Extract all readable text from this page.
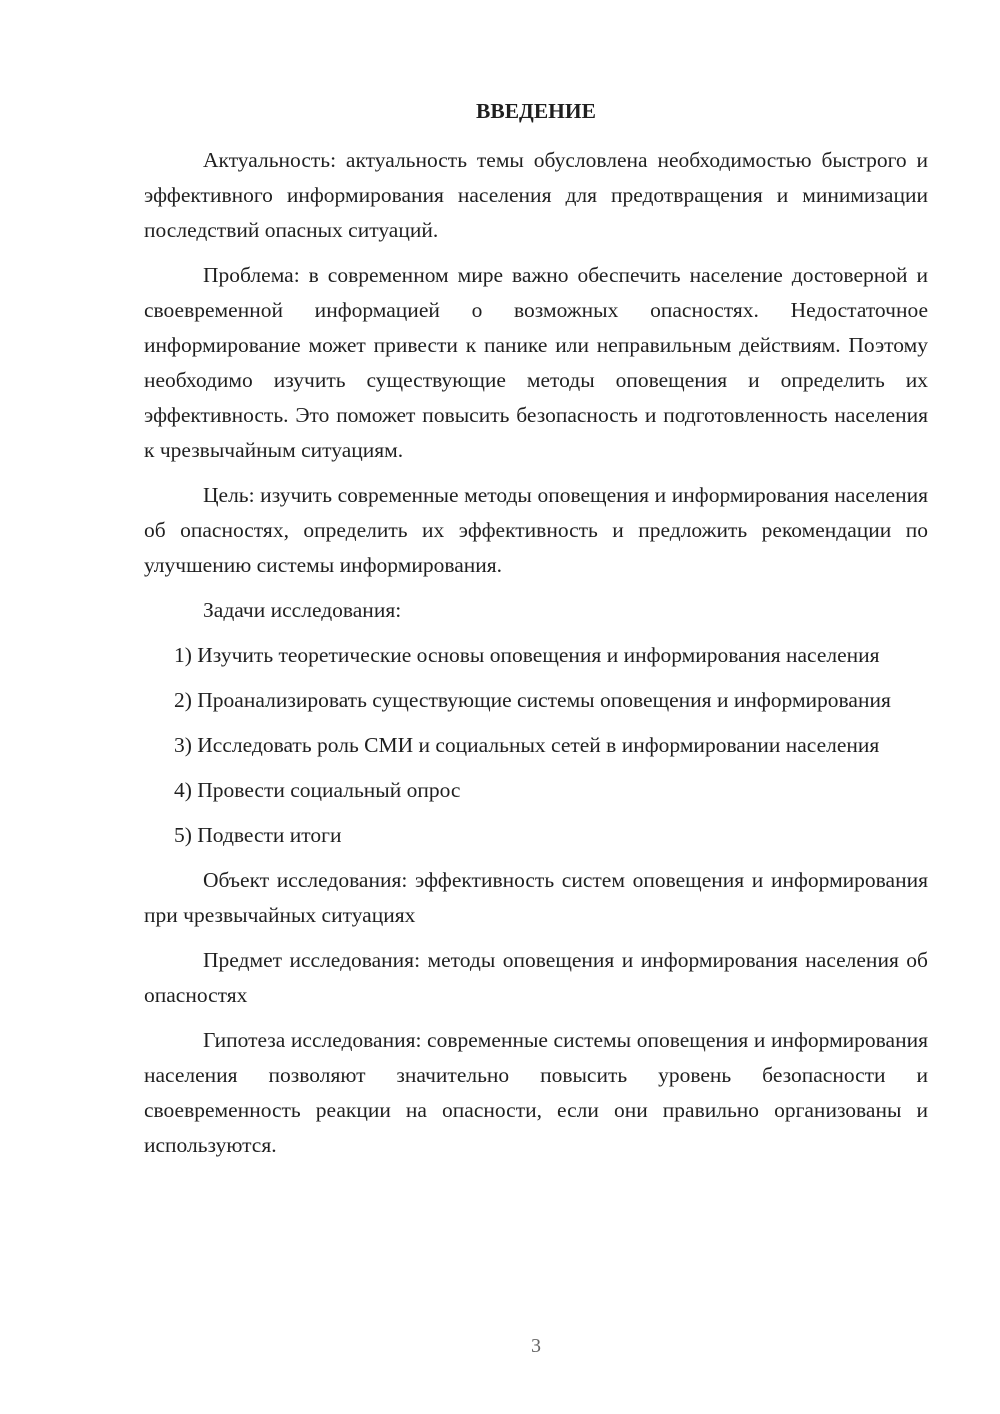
ВВЕДЕНИЕ

Актуальность: актуальность темы обусловлена необходимостью быстрого и эффективного информирования населения для предотвращения и минимизации последствий опасных ситуаций.

Проблема: в современном мире важно обеспечить население достоверной и своевременной информацией о возможных опасностях. Недостаточное информирование может привести к панике или неправильным действиям. Поэтому необходимо изучить существующие методы оповещения и определить их эффективность. Это поможет повысить безопасность и подготовленность населения к чрезвычайным ситуациям.

Цель: изучить современные методы оповещения и информирования населения об опасностях, определить их эффективность и предложить рекомендации по улучшению системы информирования.

Задачи исследования:

1) Изучить теоретические основы оповещения и информирования населения

2) Проанализировать существующие системы оповещения и информирования

3) Исследовать роль СМИ и социальных сетей в информировании населения

4) Провести социальный опрос

5) Подвести итоги

Объект исследования: эффективность систем оповещения и информирования при чрезвычайных ситуациях

Предмет исследования: методы оповещения и информирования населения об опасностях

Гипотеза исследования: современные системы оповещения и информирования населения позволяют значительно повысить уровень безопасности и своевременность реакции на опасности, если они правильно организованы и используются.

3
